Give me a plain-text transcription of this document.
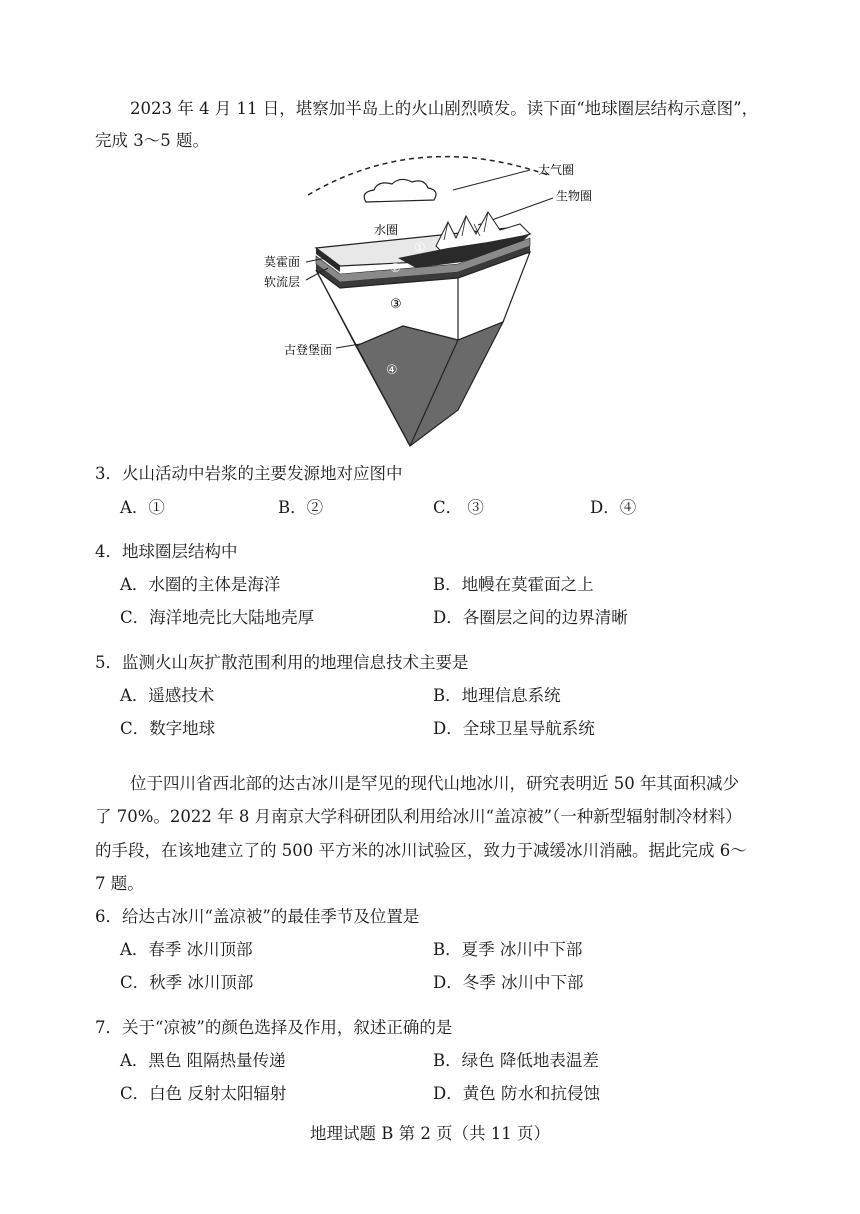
2023 年 4 月 11 日，堪察加半岛上的火山剧烈喷发。读下面“地球圈层结构示意图”，
完成 3～5 题。
大气圈
生物圈
水圈
莫霍面
软流层
古登堡面
①
②
③
④
3．火山活动中岩浆的主要发源地对应图中
A．①	B．②	C． ③	D．④
4．地球圈层结构中
A．水圈的主体是海洋	B．地幔在莫霍面之上
C．海洋地壳比大陆地壳厚	D．各圈层之间的边界清晰
5．监测火山灰扩散范围利用的地理信息技术主要是
A．遥感技术	B．地理信息系统
C．数字地球	D．全球卫星导航系统
位于四川省西北部的达古冰川是罕见的现代山地冰川，研究表明近 50 年其面积减少
了 70%。2022 年 8 月南京大学科研团队利用给冰川“盖凉被”（一种新型辐射制冷材料）
的手段，在该地建立了的 500 平方米的冰川试验区，致力于减缓冰川消融。据此完成 6～
7 题。
6．给达古冰川“盖凉被”的最佳季节及位置是
A．春季 冰川顶部	B．夏季 冰川中下部
C．秋季 冰川顶部	D．冬季 冰川中下部
7．关于“凉被”的颜色选择及作用，叙述正确的是
A．黑色 阻隔热量传递	B．绿色 降低地表温差
C．白色 反射太阳辐射	D．黄色 防水和抗侵蚀
地理试题 B 第 2 页（共 11 页）
